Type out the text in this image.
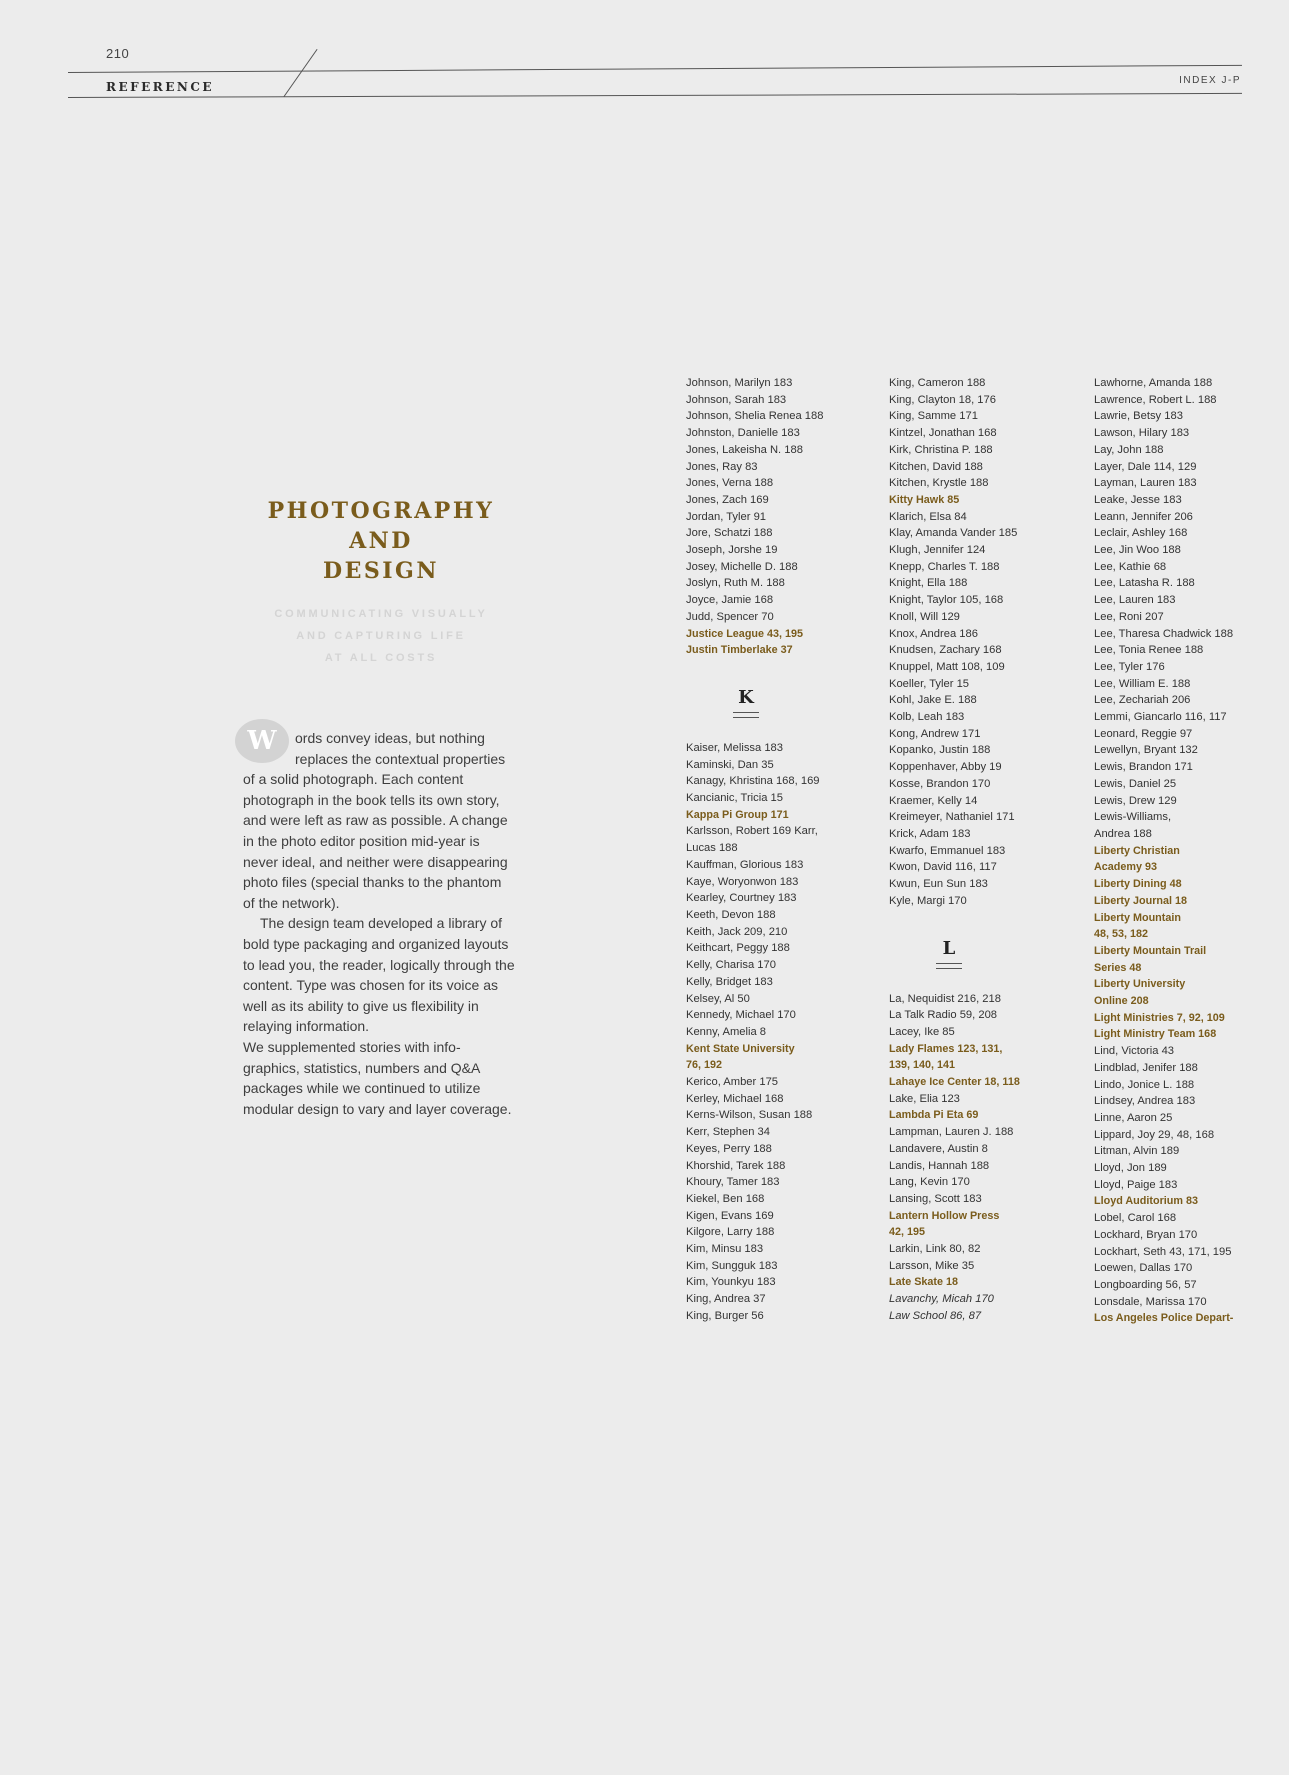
210
REFERENCE	INDEX J-P
PHOTOGRAPHY
AND
DESIGN
COMMUNICATING VISUALLY
AND CAPTURING LIFE
AT ALL COSTS

W	ords convey ideas, but nothing replaces the contextual properties of a solid photograph. Each content photograph in the book tells its own story, and were left as raw as possible. A change in the photo editor position mid-year is never ideal, and neither were disappearing photo files (special thanks to the phantom of the network).

The design team developed a library of bold type packaging and organized layouts to lead you, the reader, logically through the content. Type was chosen for its voice as well as its ability to give us flexibility in relaying information.

We supplemented stories with info-graphics, statistics, numbers and Q&A packages while we continued to utilize modular design to vary and layer coverage.

Johnson, Marilyn 183
Johnson, Sarah 183
Johnson, Shelia Renea 188
Johnston, Danielle 183
Jones, Lakeisha N. 188
Jones, Ray 83
Jones, Verna 188
Jones, Zach 169
Jordan, Tyler 91
Jore, Schatzi 188
Joseph, Jorshe 19
Josey, Michelle D. 188
Joslyn, Ruth M. 188
Joyce, Jamie 168
Judd, Spencer 70
Justice League 43, 195
Justin Timberlake 37
K
Kaiser, Melissa 183
Kaminski, Dan 35
Kanagy, Khristina 168, 169
Kancianic, Tricia 15
Kappa Pi Group 171
Karlsson, Robert 169 Karr,
Lucas 188
Kauffman, Glorious 183
Kaye, Woryonwon 183
Kearley, Courtney 183
Keeth, Devon 188
Keith, Jack 209, 210
Keithcart, Peggy 188
Kelly, Charisa 170
Kelly, Bridget 183
Kelsey, Al 50
Kennedy, Michael 170
Kenny, Amelia 8
Kent State University
76, 192
Kerico, Amber 175
Kerley, Michael 168
Kerns-Wilson, Susan 188
Kerr, Stephen 34
Keyes, Perry 188
Khorshid, Tarek 188
Khoury, Tamer 183
Kiekel, Ben 168
Kigen, Evans 169
Kilgore, Larry 188
Kim, Minsu 183
Kim, Sungguk 183
Kim, Younkyu 183
King, Andrea 37
King, Burger 56
King, Cameron 188
King, Clayton 18, 176
King, Samme 171
Kintzel, Jonathan 168
Kirk, Christina P. 188
Kitchen, David 188
Kitchen, Krystle 188
Kitty Hawk 85
Klarich, Elsa 84
Klay, Amanda Vander 185
Klugh, Jennifer 124
Knepp, Charles T. 188
Knight, Ella 188
Knight, Taylor 105, 168
Knoll, Will 129
Knox, Andrea 186
Knudsen, Zachary 168
Knuppel, Matt 108, 109
Koeller, Tyler 15
Kohl, Jake E. 188
Kolb, Leah 183
Kong, Andrew 171
Kopanko, Justin 188
Koppenhaver, Abby 19
Kosse, Brandon 170
Kraemer, Kelly 14
Kreimeyer, Nathaniel 171
Krick, Adam 183
Kwarfo, Emmanuel 183
Kwon, David 116, 117
Kwun, Eun Sun 183
Kyle, Margi 170
L
La, Nequidist 216, 218
La Talk Radio 59, 208
Lacey, Ike 85
Lady Flames 123, 131,
139, 140, 141
Lahaye Ice Center 18, 118
Lake, Elia 123
Lambda Pi Eta 69
Lampman, Lauren J. 188
Landavere, Austin 8
Landis, Hannah 188
Lang, Kevin 170
Lansing, Scott 183
Lantern Hollow Press
42, 195
Larkin, Link 80, 82
Larsson, Mike 35
Late Skate 18
Lavanchy, Micah 170
Law School 86, 87
Lawhorne, Amanda 188
Lawrence, Robert L. 188
Lawrie, Betsy 183
Lawson, Hilary 183
Lay, John 188
Layer, Dale 114, 129
Layman, Lauren 183
Leake, Jesse 183
Leann, Jennifer 206
Leclair, Ashley 168
Lee, Jin Woo 188
Lee, Kathie 68
Lee, Latasha R. 188
Lee, Lauren 183
Lee, Roni 207
Lee, Tharesa Chadwick 188
Lee, Tonia Renee 188
Lee, Tyler 176
Lee, William E. 188
Lee, Zechariah 206
Lemmi, Giancarlo 116, 117
Leonard, Reggie 97
Lewellyn, Bryant 132
Lewis, Brandon 171
Lewis, Daniel 25
Lewis, Drew 129
Lewis-Williams,
Andrea 188
Liberty Christian
Academy 93
Liberty Dining 48
Liberty Journal 18
Liberty Mountain
48, 53, 182
Liberty Mountain Trail
Series 48
Liberty University
Online 208
Light Ministries 7, 92, 109
Light Ministry Team 168
Lind, Victoria 43
Lindblad, Jenifer 188
Lindo, Jonice L. 188
Lindsey, Andrea 183
Linne, Aaron 25
Lippard, Joy 29, 48, 168
Litman, Alvin 189
Lloyd, Jon 189
Lloyd, Paige 183
Lloyd Auditorium 83
Lobel, Carol 168
Lockhard, Bryan 170
Lockhart, Seth 43, 171, 195
Loewen, Dallas 170
Longboarding 56, 57
Lonsdale, Marissa 170
Los Angeles Police Depart-
